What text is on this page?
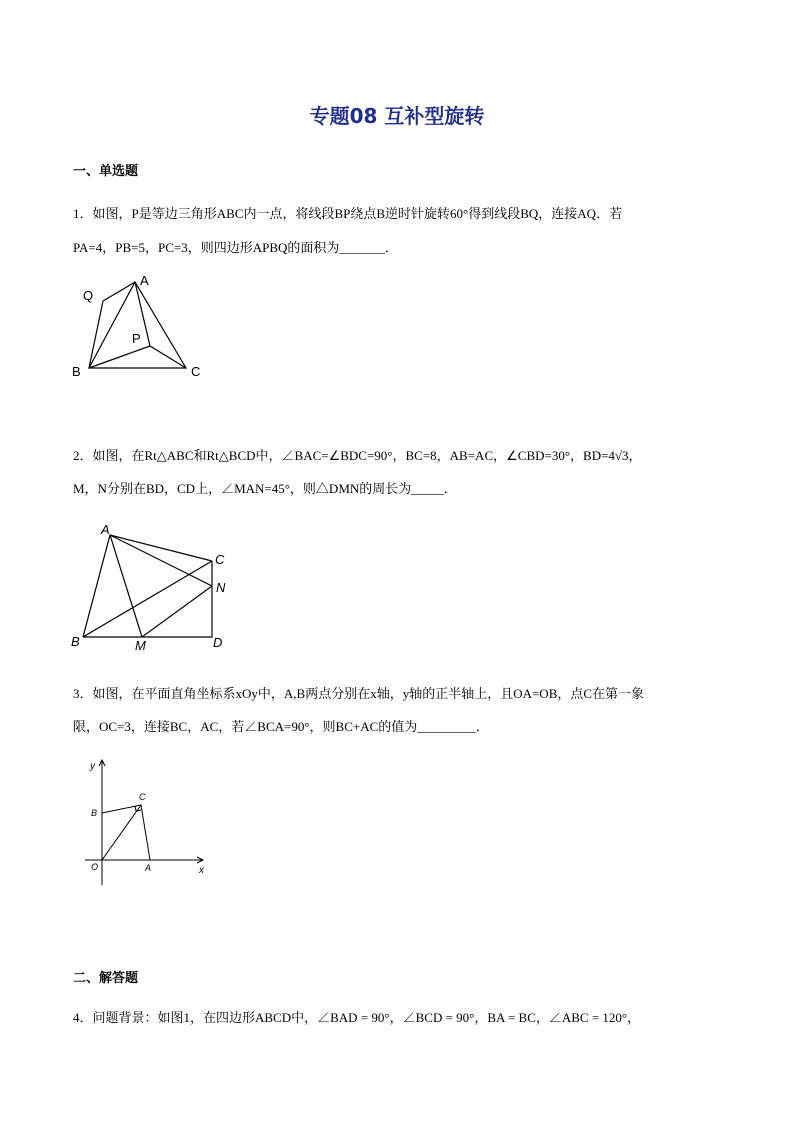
专题08 互补型旋转
一、单选题
1．如图，P是等边三角形ABC内一点，将线段BP绕点B逆时针旋转60°得到线段BQ，连接AQ．若
PA=4，PB=5，PC=3，则四边形APBQ的面积为_______．
Q
A
P
B	C
2．如图，在Rt△ABC和Rt△BCD中，∠BAC=∠BDC=90°，BC=8，AB=AC，∠CBD=30°，BD=4√3，
M，N分别在BD，CD上，∠MAN=45°，则△DMN的周长为_____．
A
C
N
B	M	D
3．如图，在平面直角坐标系xOy中，A,B两点分别在x轴，y轴的正半轴上，且OA=OB，点C在第一象
限，OC=3，连接BC，AC，若∠BCA=90°，则BC+AC的值为_________．
y
x
O	A
B
C
二、解答题
4．问题背景：如图1，在四边形ABCD中，∠BAD = 90°，∠BCD = 90°，BA = BC，∠ABC = 120°，
